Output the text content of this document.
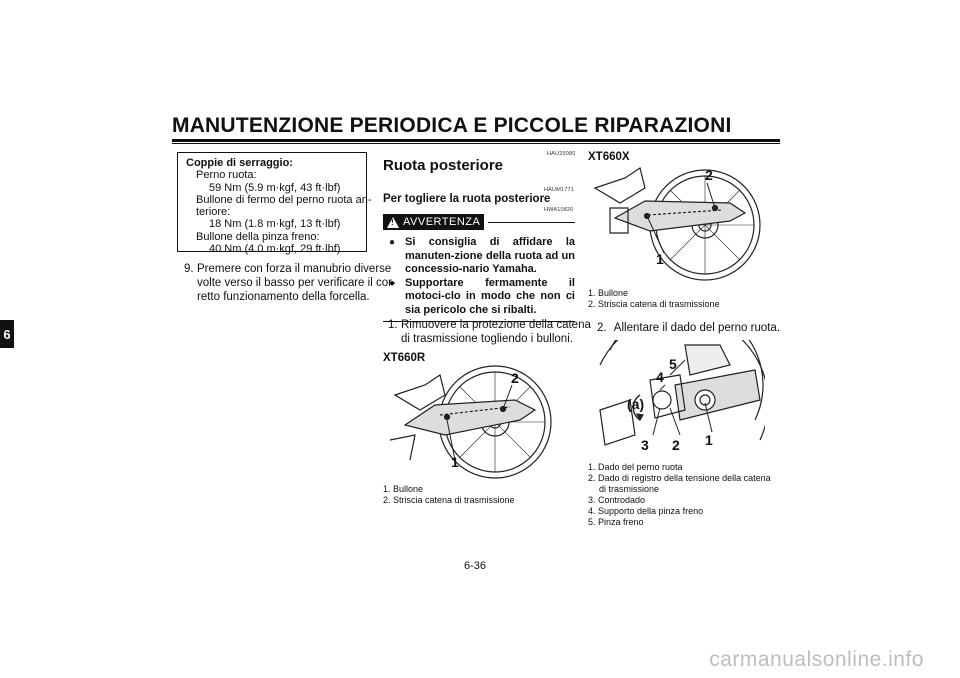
MANUTENZIONE PERIODICA E PICCOLE RIPARAZIONI
6
Coppie di serraggio:
Perno ruota:
59 Nm (5.9 m·kgf, 43 ft·lbf)
Bullone di fermo del perno ruota an-
teriore:
18 Nm (1.8 m·kgf, 13 ft·lbf)
Bullone della pinza freno:
40 Nm (4.0 m·kgf, 29 ft·lbf)
9. Premere con forza il manubrio diverse
volte verso il basso per verificare il cor-
retto funzionamento della forcella.
HAU25080
Ruota posteriore
HAUM1771
Per togliere la ruota posteriore
HWA10820
! AVVERTENZA
● Si consiglia di affidare la manuten-zione della ruota ad un concessio-nario Yamaha.
● Supportare fermamente il motoci-clo in modo che non ci sia pericolo che si ribalti.
1. Rimuovere la protezione della catena
di trasmissione togliendo i bulloni.
XT660R
2
1
1. Bullone
2. Striscia catena di trasmissione
XT660X
2
1
1. Bullone
2. Striscia catena di trasmissione
2. Allentare il dado del perno ruota.
5
4
(a)
3 2 1
1. Dado del perno ruota
2. Dado di registro della tensione della catena
di trasmissione
3. Controdado
4. Supporto della pinza freno
5. Pinza freno
6-36
carmanualsonline.info
